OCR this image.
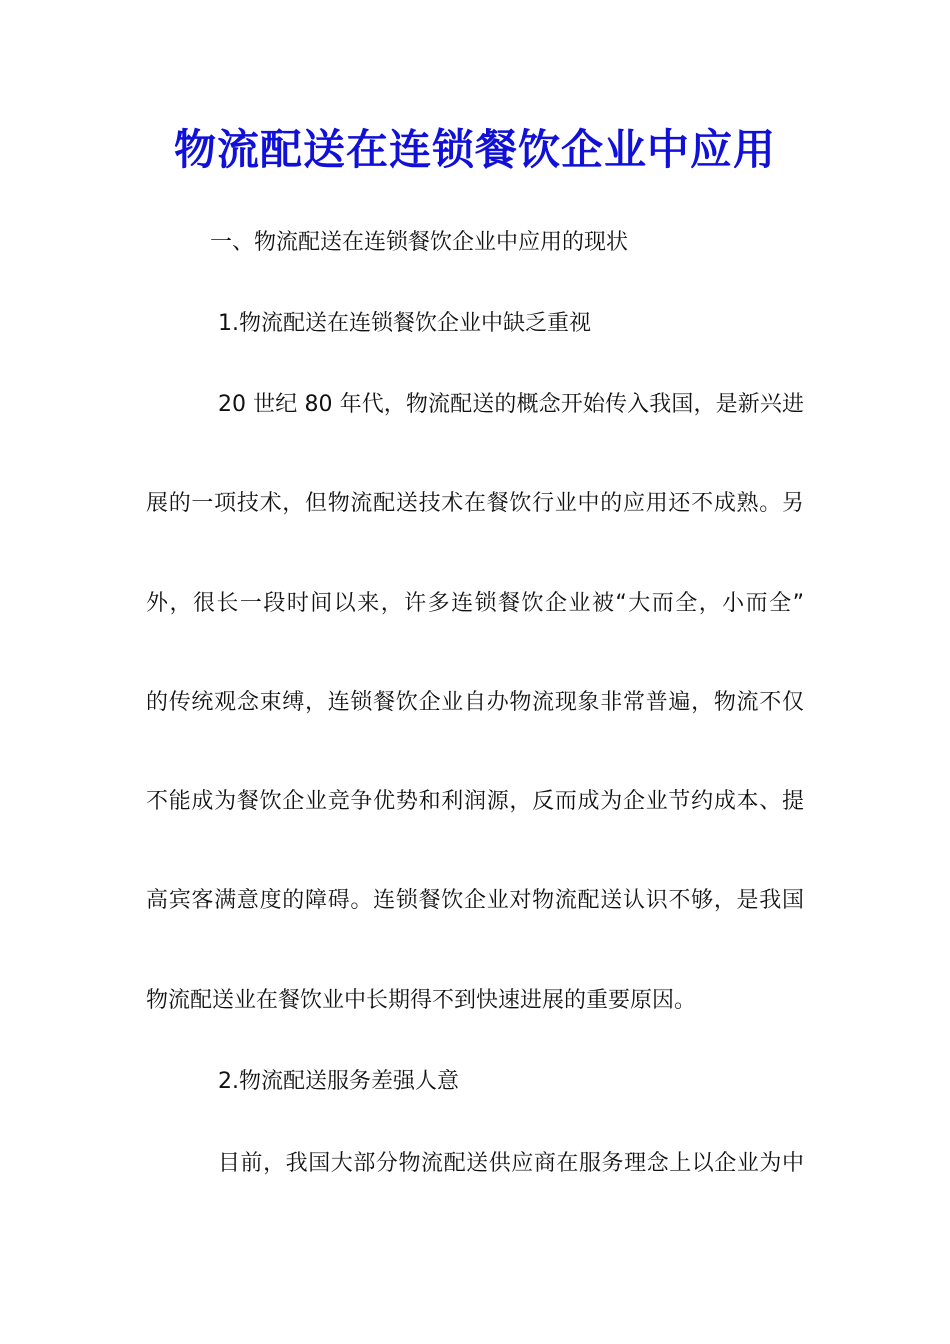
物流配送在连锁餐饮企业中应用
一、物流配送在连锁餐饮企业中应用的现状
1.物流配送在连锁餐饮企业中缺乏重视
20 世纪 80 年代，物流配送的概念开始传入我国，是新兴进
展的一项技术，但物流配送技术在餐饮行业中的应用还不成熟。另
外，很长一段时间以来，许多连锁餐饮企业被“大而全，小而全”
的传统观念束缚，连锁餐饮企业自办物流现象非常普遍，物流不仅
不能成为餐饮企业竞争优势和利润源，反而成为企业节约成本、提
高宾客满意度的障碍。连锁餐饮企业对物流配送认识不够，是我国
物流配送业在餐饮业中长期得不到快速进展的重要原因。
2.物流配送服务差强人意
目前，我国大部分物流配送供应商在服务理念上以企业为中
